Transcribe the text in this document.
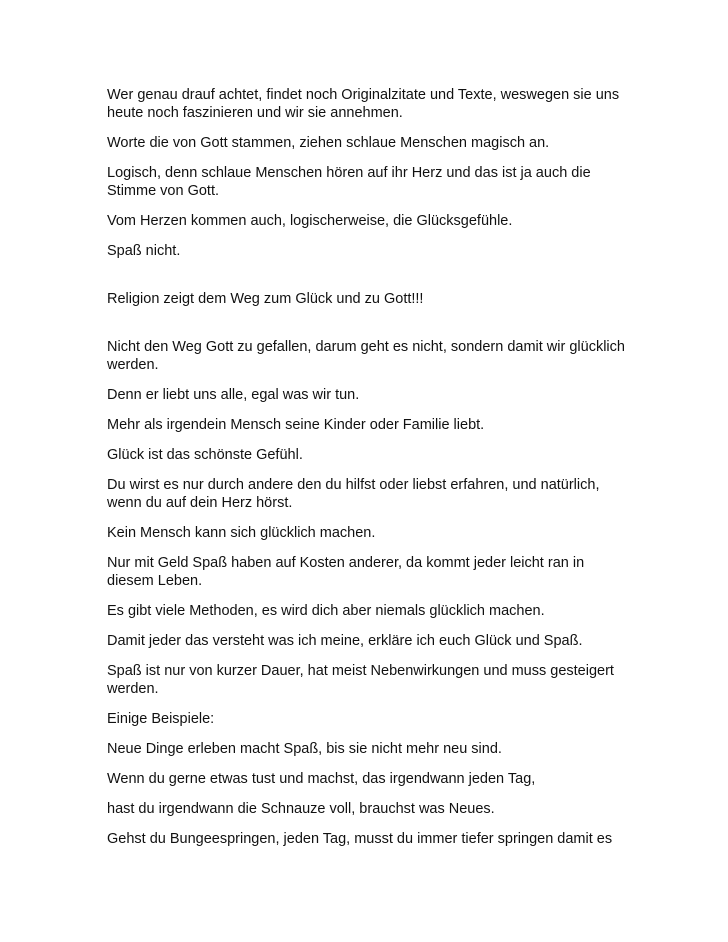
Wer genau drauf achtet, findet noch Originalzitate und Texte, weswegen sie uns heute noch faszinieren und wir sie annehmen.

Worte die von Gott stammen, ziehen schlaue Menschen magisch an.

Logisch, denn schlaue Menschen hören auf ihr Herz und das ist ja auch die Stimme von Gott.

Vom Herzen kommen auch, logischerweise, die Glücksgefühle.

Spaß nicht.

Religion zeigt dem Weg zum Glück und zu Gott!!!

Nicht den Weg Gott zu gefallen, darum geht es nicht, sondern damit wir glücklich werden.

Denn er liebt uns alle, egal was wir tun.

Mehr als irgendein Mensch seine Kinder oder Familie liebt.

Glück ist das schönste Gefühl.

Du wirst es nur durch andere den du hilfst oder liebst erfahren, und natürlich, wenn du auf dein Herz hörst.

Kein Mensch kann sich glücklich machen.

Nur mit Geld Spaß haben auf Kosten anderer, da kommt jeder leicht ran in diesem Leben.

Es gibt viele Methoden, es wird dich aber niemals glücklich machen.

Damit jeder das versteht was ich meine, erkläre ich euch Glück und Spaß.

Spaß ist nur von kurzer Dauer, hat meist Nebenwirkungen und muss gesteigert werden.

Einige Beispiele:

Neue Dinge erleben macht Spaß, bis sie nicht mehr neu sind.

Wenn du gerne etwas tust und machst, das irgendwann jeden Tag,

hast du irgendwann die Schnauze voll, brauchst was Neues.

Gehst du Bungeespringen, jeden Tag, musst du immer tiefer springen damit es
